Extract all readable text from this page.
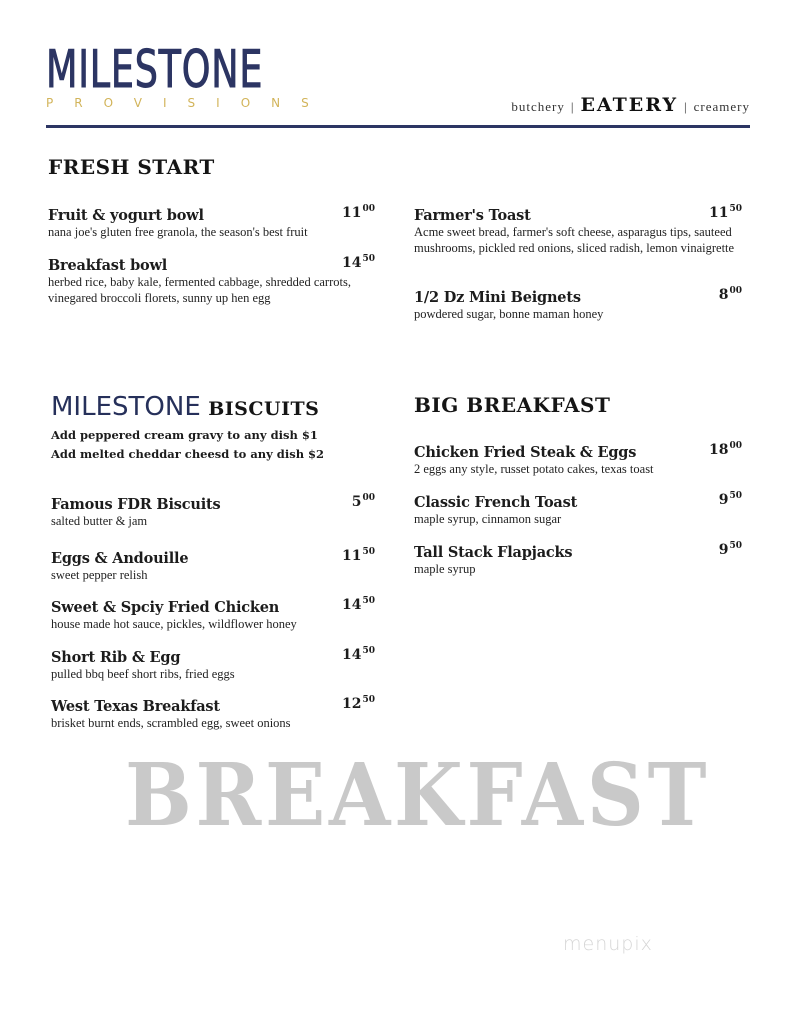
MILESTONE
PROVISIONS	butchery | EATERY | creamery
FRESH START
MILESTONE BISCUITS
Add peppered cream gravy to any dish $1
Add melted cheddar cheesd to any dish $2
BIG BREAKFAST
Fruit & yogurt bowl	$11^{00}$
nana joe's gluten free granola, the season's best fruit
Breakfast bowl	$14^{50}$
herbed rice, baby kale, fermented cabbage, shredded carrots, vinegared broccoli florets, sunny up hen egg
Farmer's Toast	$11^{50}$
Acme sweet bread, farmer's soft cheese, asparagus tips, sauteed mushrooms, pickled red onions, sliced radish, lemon vinaigrette
1/2 Dz Mini Beignets	$8^{00}$
powdered sugar, bonne maman honey
Famous FDR Biscuits	$5^{00}$
salted butter & jam
Eggs & Andouille	$11^{50}$
sweet pepper relish
Sweet & Spciy Fried Chicken	$14^{50}$
house made hot sauce, pickles, wildflower honey
Short Rib & Egg	$14^{50}$
pulled bbq beef short ribs, fried eggs
West Texas Breakfast	$12^{50}$
brisket burnt ends, scrambled egg, sweet onions
Chicken Fried Steak & Eggs	$18^{00}$
2 eggs any style, russet potato cakes, texas toast
Classic French Toast	$9^{50}$
maple syrup, cinnamon sugar
Tall Stack Flapjacks	$9^{50}$
maple syrup
BREAKFAST
menupix
